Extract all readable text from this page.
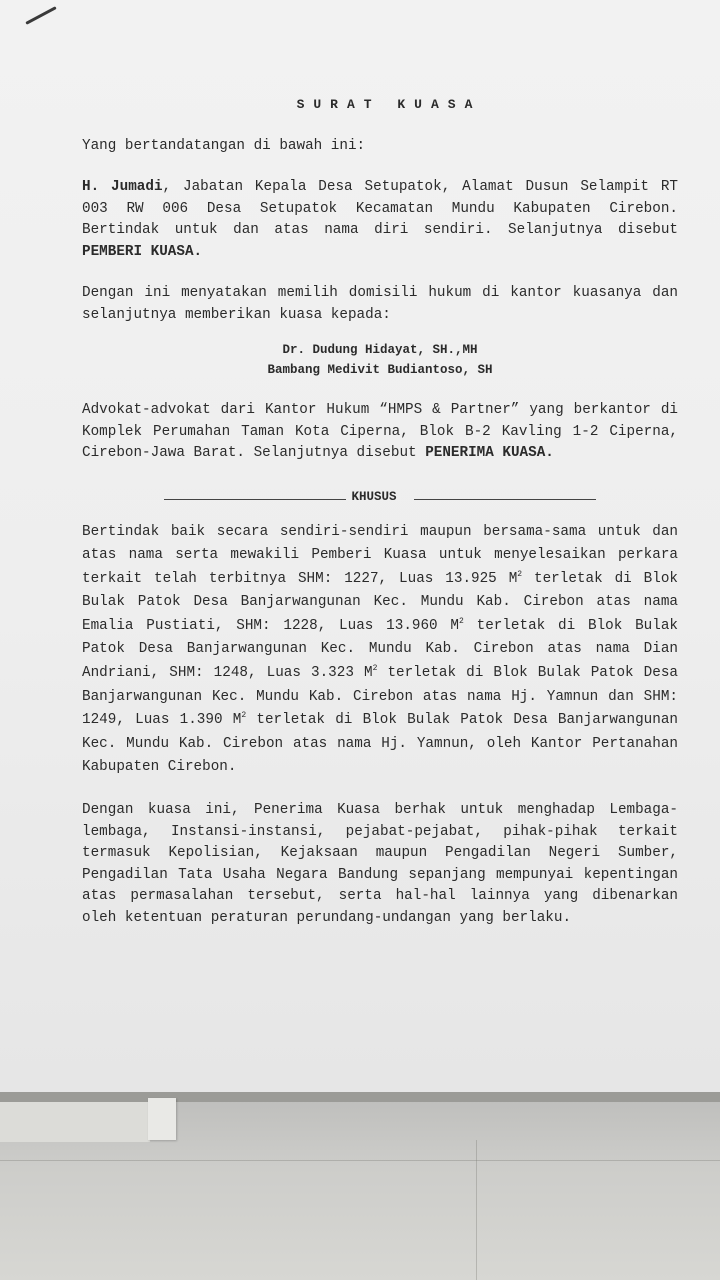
SURAT KUASA

Yang bertandatangan di bawah ini:

H. Jumadi, Jabatan Kepala Desa Setupatok, Alamat Dusun Selampit RT 003 RW 006 Desa Setupatok Kecamatan Mundu Kabupaten Cirebon. Bertindak untuk dan atas nama diri sendiri. Selanjutnya disebut PEMBERI KUASA.

Dengan ini menyatakan memilih domisili hukum di kantor kuasanya dan selanjutnya memberikan kuasa kepada:

Dr. Dudung Hidayat, SH.,MH
Bambang Medivit Budiantoso, SH

Advokat-advokat dari Kantor Hukum “HMPS & Partner” yang berkantor di Komplek Perumahan Taman Kota Ciperna, Blok B-2 Kavling 1-2 Ciperna, Cirebon-Jawa Barat. Selanjutnya disebut PENERIMA KUASA.

KHUSUS

Bertindak baik secara sendiri-sendiri maupun bersama-sama untuk dan atas nama serta mewakili Pemberi Kuasa untuk menyelesaikan perkara terkait telah terbitnya SHM: 1227, Luas 13.925 $M^2$ terletak di Blok Bulak Patok Desa Banjarwangunan Kec. Mundu Kab. Cirebon atas nama Emalia Pustiati, SHM: 1228, Luas 13.960 $M^2$ terletak di Blok Bulak Patok Desa Banjarwangunan Kec. Mundu Kab. Cirebon atas nama Dian Andriani, SHM: 1248, Luas 3.323 $M^2$ terletak di Blok Bulak Patok Desa Banjarwangunan Kec. Mundu Kab. Cirebon atas nama Hj. Yamnun dan SHM: 1249, Luas 1.390 $M^2$ terletak di Blok Bulak Patok Desa Banjarwangunan Kec. Mundu Kab. Cirebon atas nama Hj. Yamnun, oleh Kantor Pertanahan Kabupaten Cirebon.

Dengan kuasa ini, Penerima Kuasa berhak untuk menghadap Lembaga- lembaga, Instansi-instansi, pejabat-pejabat, pihak-pihak terkait termasuk Kepolisian, Kejaksaan maupun Pengadilan Negeri Sumber, Pengadilan Tata Usaha Negara Bandung sepanjang mempunyai kepentingan atas permasalahan tersebut, serta hal-hal lainnya yang dibenarkan oleh ketentuan peraturan perundang-undangan yang berlaku.
